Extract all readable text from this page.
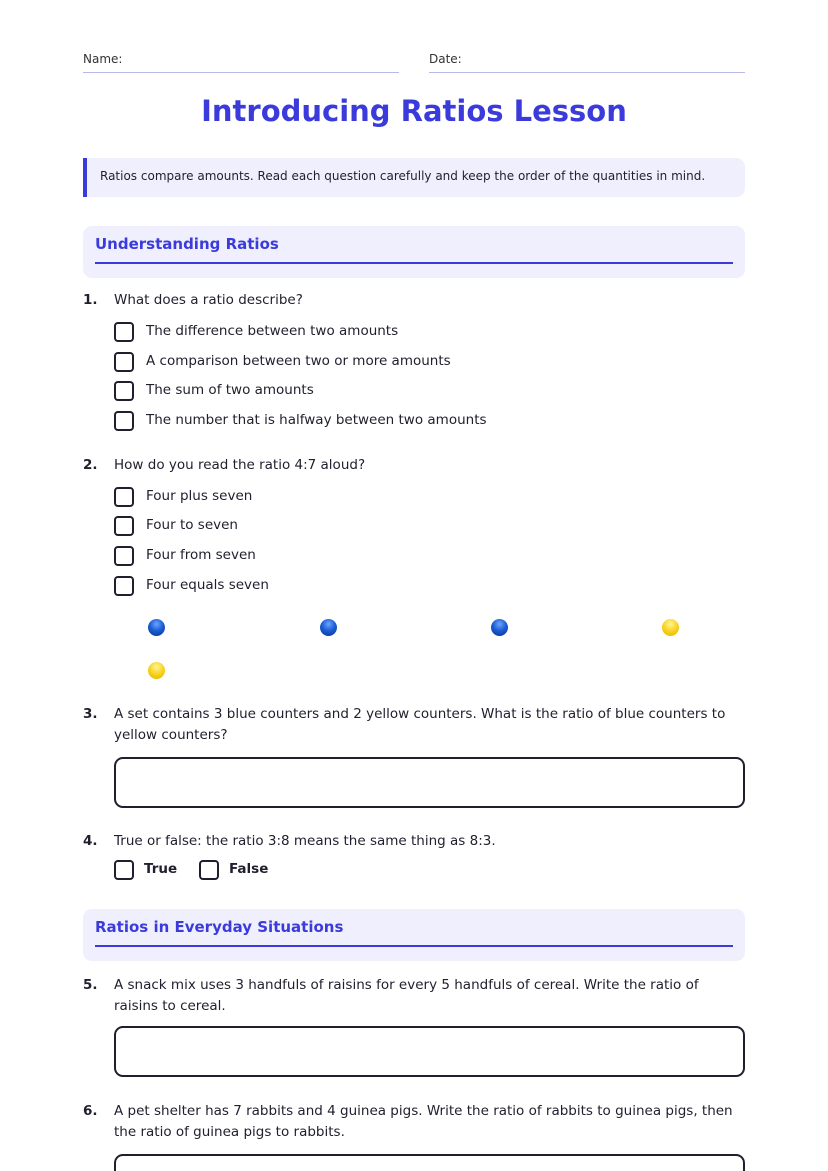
Name:	Date:
Introducing Ratios Lesson
Ratios compare amounts. Read each question carefully and keep the order of the quantities in mind.
Understanding Ratios
1. What does a ratio describe?
The difference between two amounts
A comparison between two or more amounts
The sum of two amounts
The number that is halfway between two amounts
2. How do you read the ratio 4:7 aloud?
Four plus seven
Four to seven
Four from seven
Four equals seven
3. A set contains 3 blue counters and 2 yellow counters. What is the ratio of blue counters to yellow counters?
4. True or false: the ratio 3:8 means the same thing as 8:3.
True	False
Ratios in Everyday Situations
5. A snack mix uses 3 handfuls of raisins for every 5 handfuls of cereal. Write the ratio of raisins to cereal.
6. A pet shelter has 7 rabbits and 4 guinea pigs. Write the ratio of rabbits to guinea pigs, then the ratio of guinea pigs to rabbits.
